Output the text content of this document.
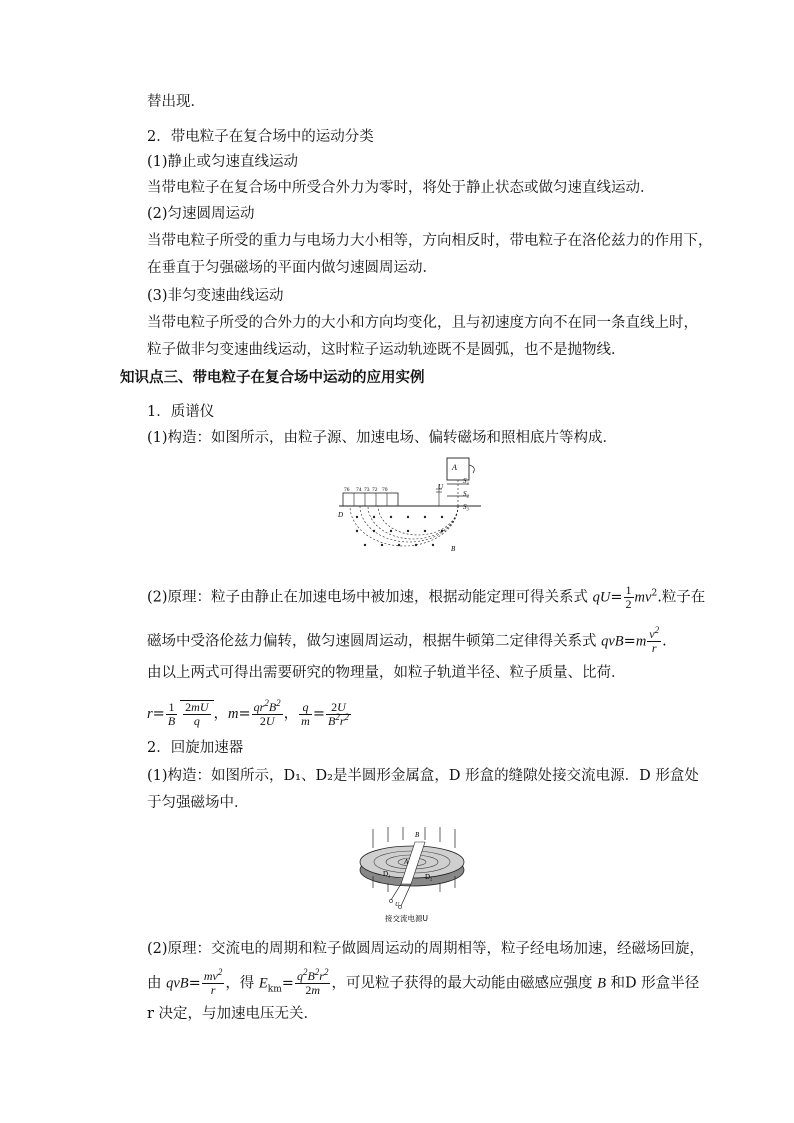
替出现．
2．带电粒子在复合场中的运动分类
(1)静止或匀速直线运动
当带电粒子在复合场中所受合外力为零时，将处于静止状态或做匀速直线运动．
(2)匀速圆周运动
当带电粒子所受的重力与电场力大小相等，方向相反时，带电粒子在洛伦兹力的作用下，
在垂直于匀强磁场的平面内做匀速圆周运动．
(3)非匀变速曲线运动
当带电粒子所受的合外力的大小和方向均变化，且与初速度方向不在同一条直线上时，
粒子做非匀变速曲线运动，这时粒子运动轨迹既不是圆弧，也不是抛物线．
知识点三、带电粒子在复合场中运动的应用实例
1．质谱仪
(1)构造：如图所示，由粒子源、加速电场、偏转磁场和照相底片等构成．
76 74 73 72 70
A
U
S₁
S₂
S₃
D
B
(2)原理：粒子由静止在加速电场中被加速，根据动能定理可得关系式 $qU= \frac{1}{2} mv^2$.粒子在
磁场中受洛伦兹力偏转，做匀速圆周运动，根据牛顿第二定律得关系式 $qvB=m \frac{v^2}{r}$ .
由以上两式可得出需要研究的物理量，如粒子轨道半径、粒子质量、比荷．
$r= \frac{1}{B} \frac{2mU}{q}$ ，$m= \frac{qr^2B^2}{2U}$ ， $\frac{q}{m} = \frac{2U}{B^2r^2}$
2．回旋加速器
(1)构造：如图所示，D₁、D₂是半圆形金属盒，D 形盒的缝隙处接交流电源．D 形盒处
于匀强磁场中．
B
A
D₁	D₂
U
接交流电源U
(2)原理：交流电的周期和粒子做圆周运动的周期相等，粒子经电场加速，经磁场回旋，
由 $qvB= \frac{mv^2}{r}$ ，得 $E_{km}= \frac{q^2B^2r^2}{2m}$ ，可见粒子获得的最大动能由磁感应强度 B 和D 形盒半径
r 决定，与加速电压无关．
